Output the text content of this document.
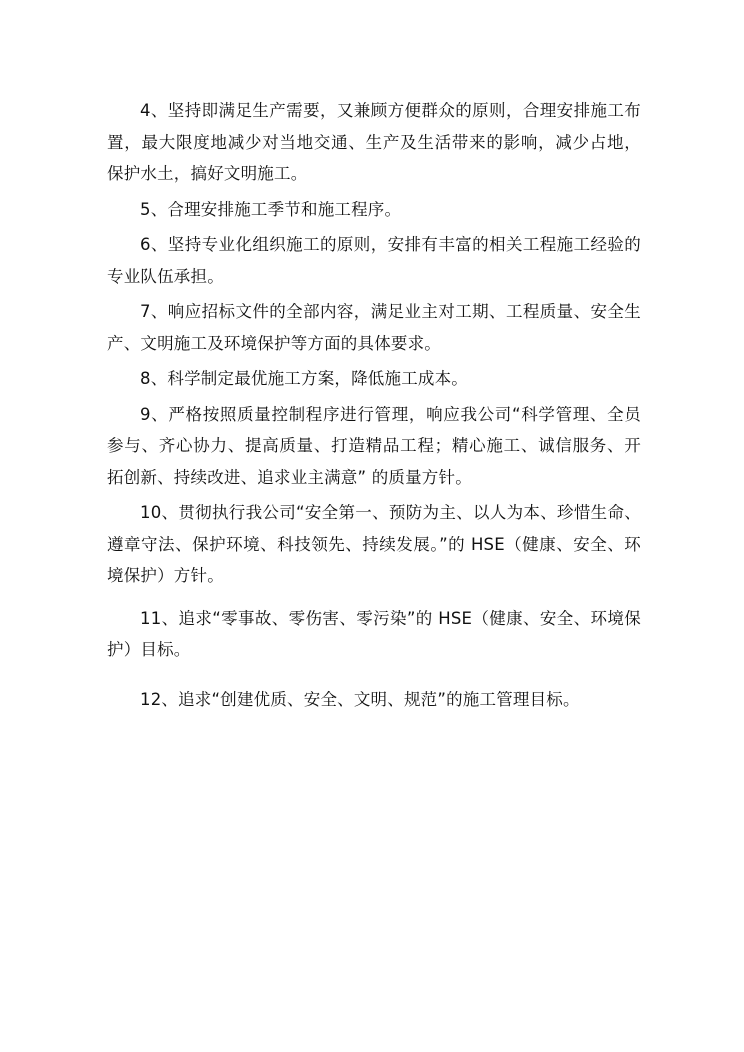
4、坚持即满足生产需要，又兼顾方便群众的原则，合理安排施工布置，最大限度地减少对当地交通、生产及生活带来的影响，减少占地，保护水土，搞好文明施工。

5、合理安排施工季节和施工程序。

6、坚持专业化组织施工的原则，安排有丰富的相关工程施工经验的专业队伍承担。

7、响应招标文件的全部内容，满足业主对工期、工程质量、安全生产、文明施工及环境保护等方面的具体要求。

8、科学制定最优施工方案，降低施工成本。

9、严格按照质量控制程序进行管理，响应我公司“科学管理、全员参与、齐心协力、提高质量、打造精品工程；精心施工、诚信服务、开拓创新、持续改进、追求业主满意” 的质量方针。

10、贯彻执行我公司“安全第一、预防为主、以人为本、珍惜生命、遵章守法、保护环境、科技领先、持续发展。”的 HSE（健康、安全、环境保护）方针。

11、追求“零事故、零伤害、零污染”的 HSE（健康、安全、环境保护）目标。

12、追求“创建优质、安全、文明、规范”的施工管理目标。
